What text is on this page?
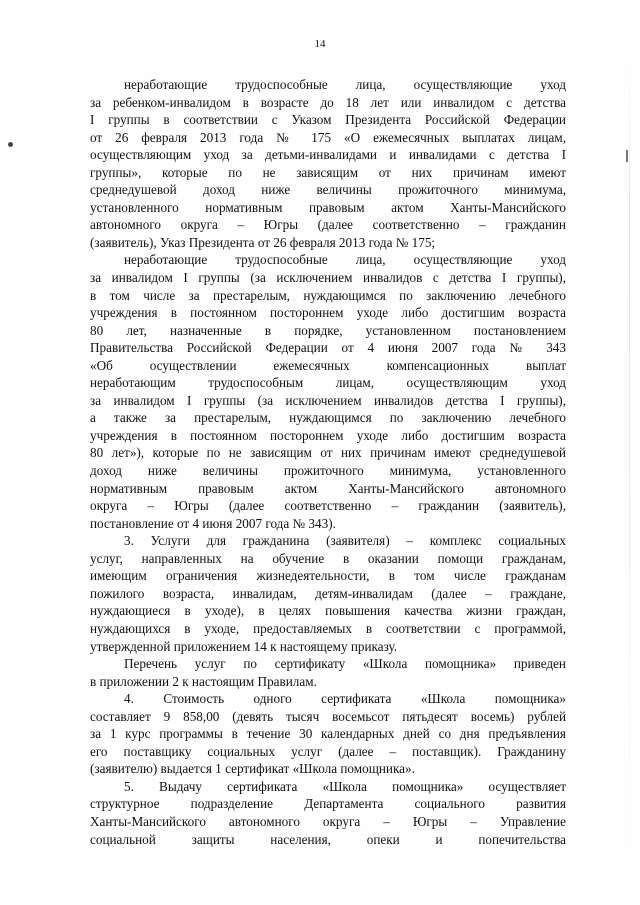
14
неработающие трудоспособные лица, осуществляющие уход
за ребенком-инвалидом в возрасте до 18 лет или инвалидом с детства
I группы в соответствии с Указом Президента Российской Федерации
от 26 февраля 2013 года № 175 «О ежемесячных выплатах лицам,
осуществляющим уход за детьми-инвалидами и инвалидами с детства I
группы», которые по не зависящим от них причинам имеют
среднедушевой доход ниже величины прожиточного минимума,
установленного нормативным правовым актом Ханты-Мансийского
автономного округа – Югры (далее соответственно – гражданин
(заявитель), Указ Президента от 26 февраля 2013 года № 175;
неработающие трудоспособные лица, осуществляющие уход
за инвалидом I группы (за исключением инвалидов с детства I группы),
в том числе за престарелым, нуждающимся по заключению лечебного
учреждения в постоянном постороннем уходе либо достигшим возраста
80 лет, назначенные в порядке, установленном постановлением
Правительства Российской Федерации от 4 июня 2007 года № 343
«Об осуществлении ежемесячных компенсационных выплат
неработающим трудоспособным лицам, осуществляющим уход
за инвалидом I группы (за исключением инвалидов детства I группы),
а также за престарелым, нуждающимся по заключению лечебного
учреждения в постоянном постороннем уходе либо достигшим возраста
80 лет»), которые по не зависящим от них причинам имеют среднедушевой
доход ниже величины прожиточного минимума, установленного
нормативным правовым актом Ханты-Мансийского автономного
округа – Югры (далее соответственно – гражданин (заявитель),
постановление от 4 июня 2007 года № 343).
3. Услуги для гражданина (заявителя) – комплекс социальных
услуг, направленных на обучение в оказании помощи гражданам,
имеющим ограничения жизнедеятельности, в том числе гражданам
пожилого возраста, инвалидам, детям-инвалидам (далее – граждане,
нуждающиеся в уходе), в целях повышения качества жизни граждан,
нуждающихся в уходе, предоставляемых в соответствии с программой,
утвержденной приложением 14 к настоящему приказу.
Перечень услуг по сертификату «Школа помощника» приведен
в приложении 2 к настоящим Правилам.
4. Стоимость одного сертификата «Школа помощника»
составляет 9 858,00 (девять тысяч восемьсот пятьдесят восемь) рублей
за 1 курс программы в течение 30 календарных дней со дня предъявления
его поставщику социальных услуг (далее – поставщик). Гражданину
(заявителю) выдается 1 сертификат «Школа помощника».
5. Выдачу сертификата «Школа помощника» осуществляет
структурное подразделение Департамента социального развития
Ханты-Мансийского автономного округа – Югры – Управление
социальной защиты населения, опеки и попечительства
